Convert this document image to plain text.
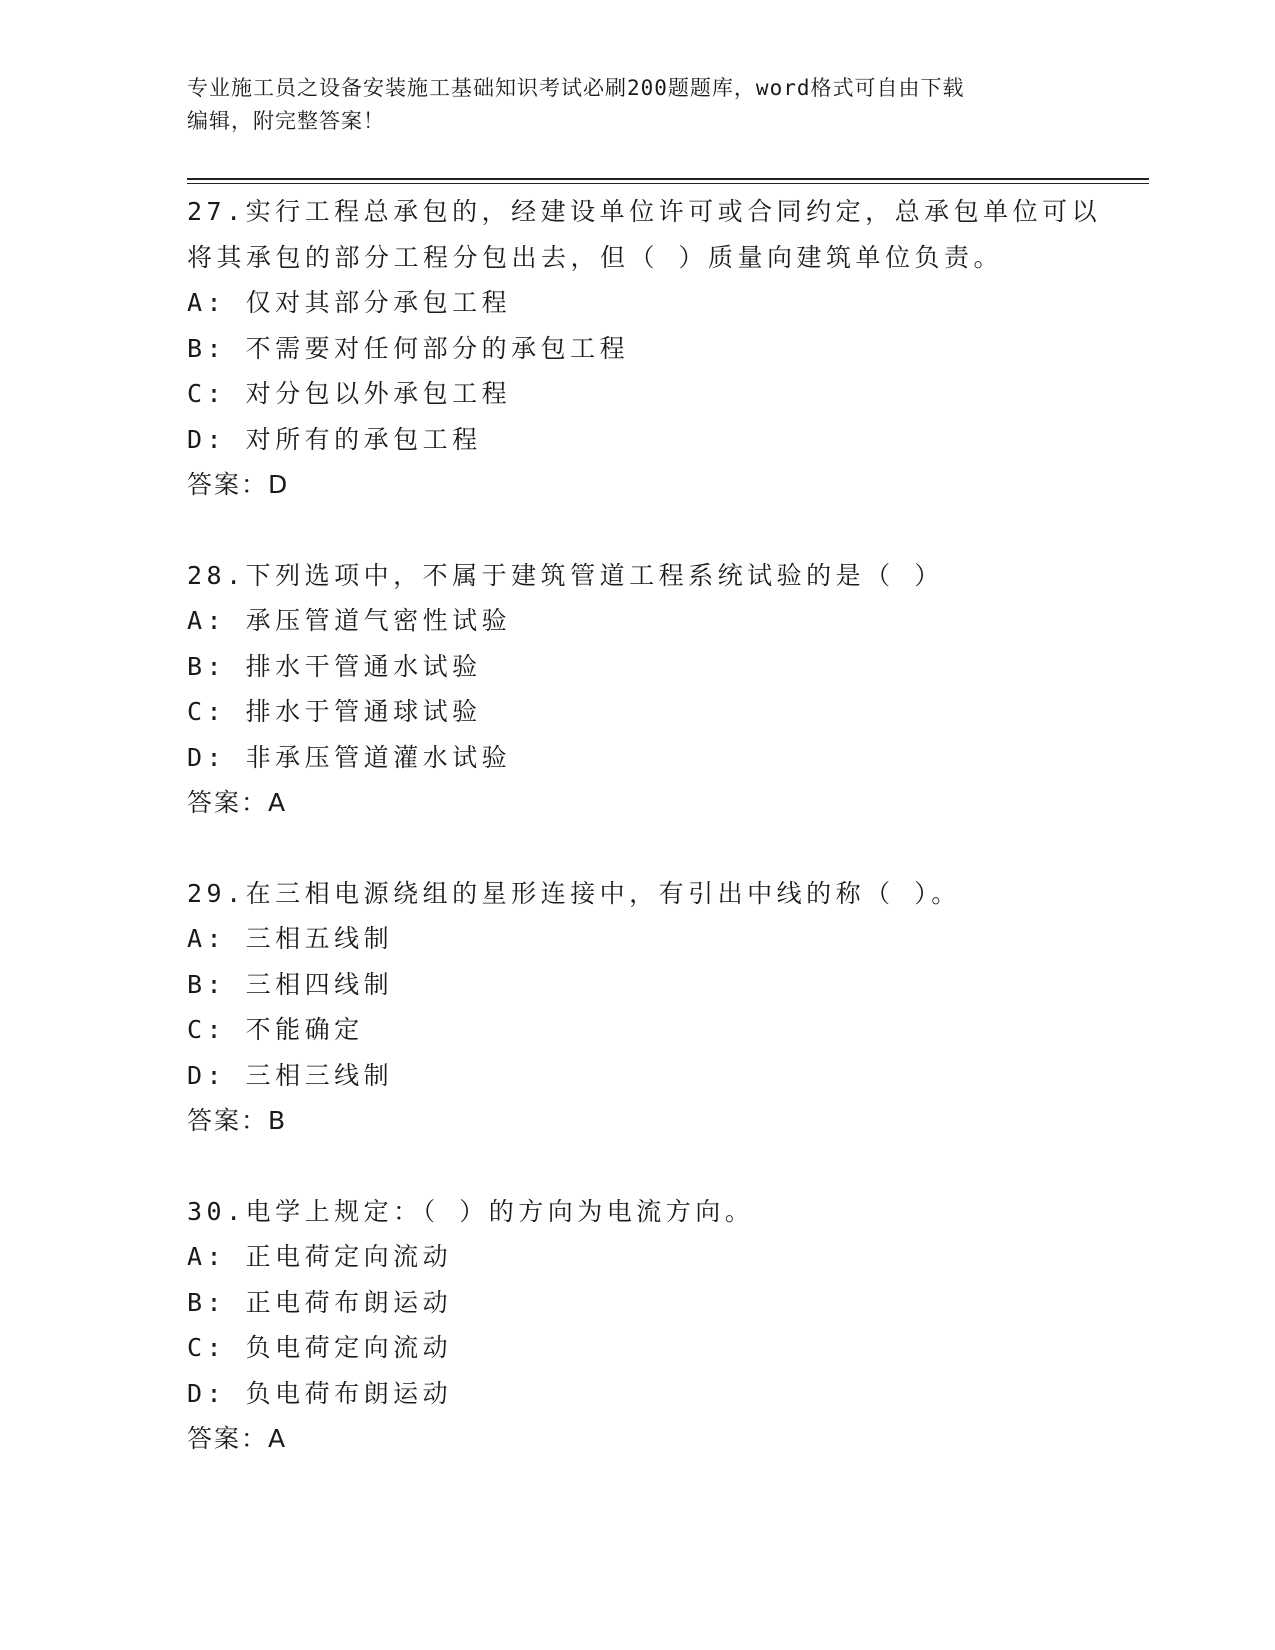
专业施工员之设备安装施工基础知识考试必刷200题题库，word格式可自由下载
编辑，附完整答案！
27.实行工程总承包的，经建设单位许可或合同约定，总承包单位可以
将其承包的部分工程分包出去，但（ ）质量向建筑单位负责。
A: 仅对其部分承包工程
B: 不需要对任何部分的承包工程
C: 对分包以外承包工程
D: 对所有的承包工程
答案：D
28.下列选项中，不属于建筑管道工程系统试验的是（ ）
A: 承压管道气密性试验
B: 排水干管通水试验
C: 排水于管通球试验
D: 非承压管道灌水试验
答案：A
29.在三相电源绕组的星形连接中，有引出中线的称（ ）。
A: 三相五线制
B: 三相四线制
C: 不能确定
D: 三相三线制
答案：B
30.电学上规定：（ ）的方向为电流方向。
A: 正电荷定向流动
B: 正电荷布朗运动
C: 负电荷定向流动
D: 负电荷布朗运动
答案：A
